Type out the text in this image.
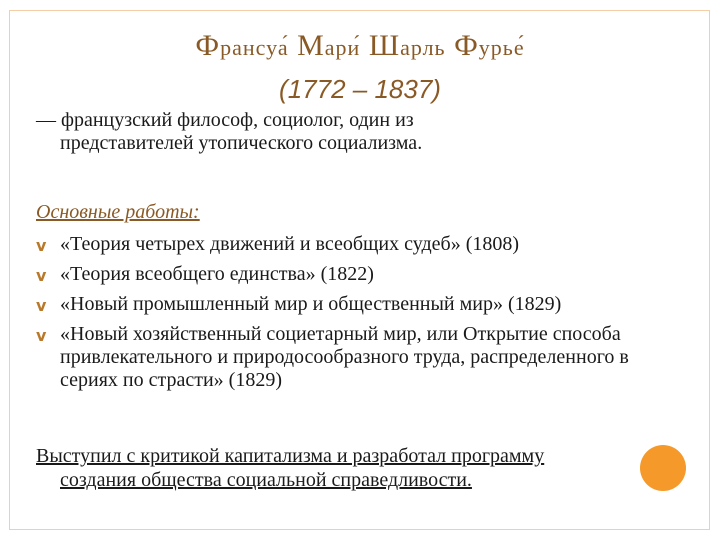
Франсуа́ Мари́ Шарль Фурье́
(1772 – 1837)
— французский философ, социолог, один из
представителей утопического социализма.
Основные работы:
v «Теория четырех движений и всеобщих судеб» (1808)
v «Теория всеобщего единства» (1822)
v «Новый промышленный мир и общественный мир» (1829)
v «Новый хозяйственный социетарный мир, или Открытие способа привлекательного и природосообразного труда, распределенного в сериях по страсти» (1829)
Выступил с критикой капитализма и разработал программу
создания общества социальной справедливости.
